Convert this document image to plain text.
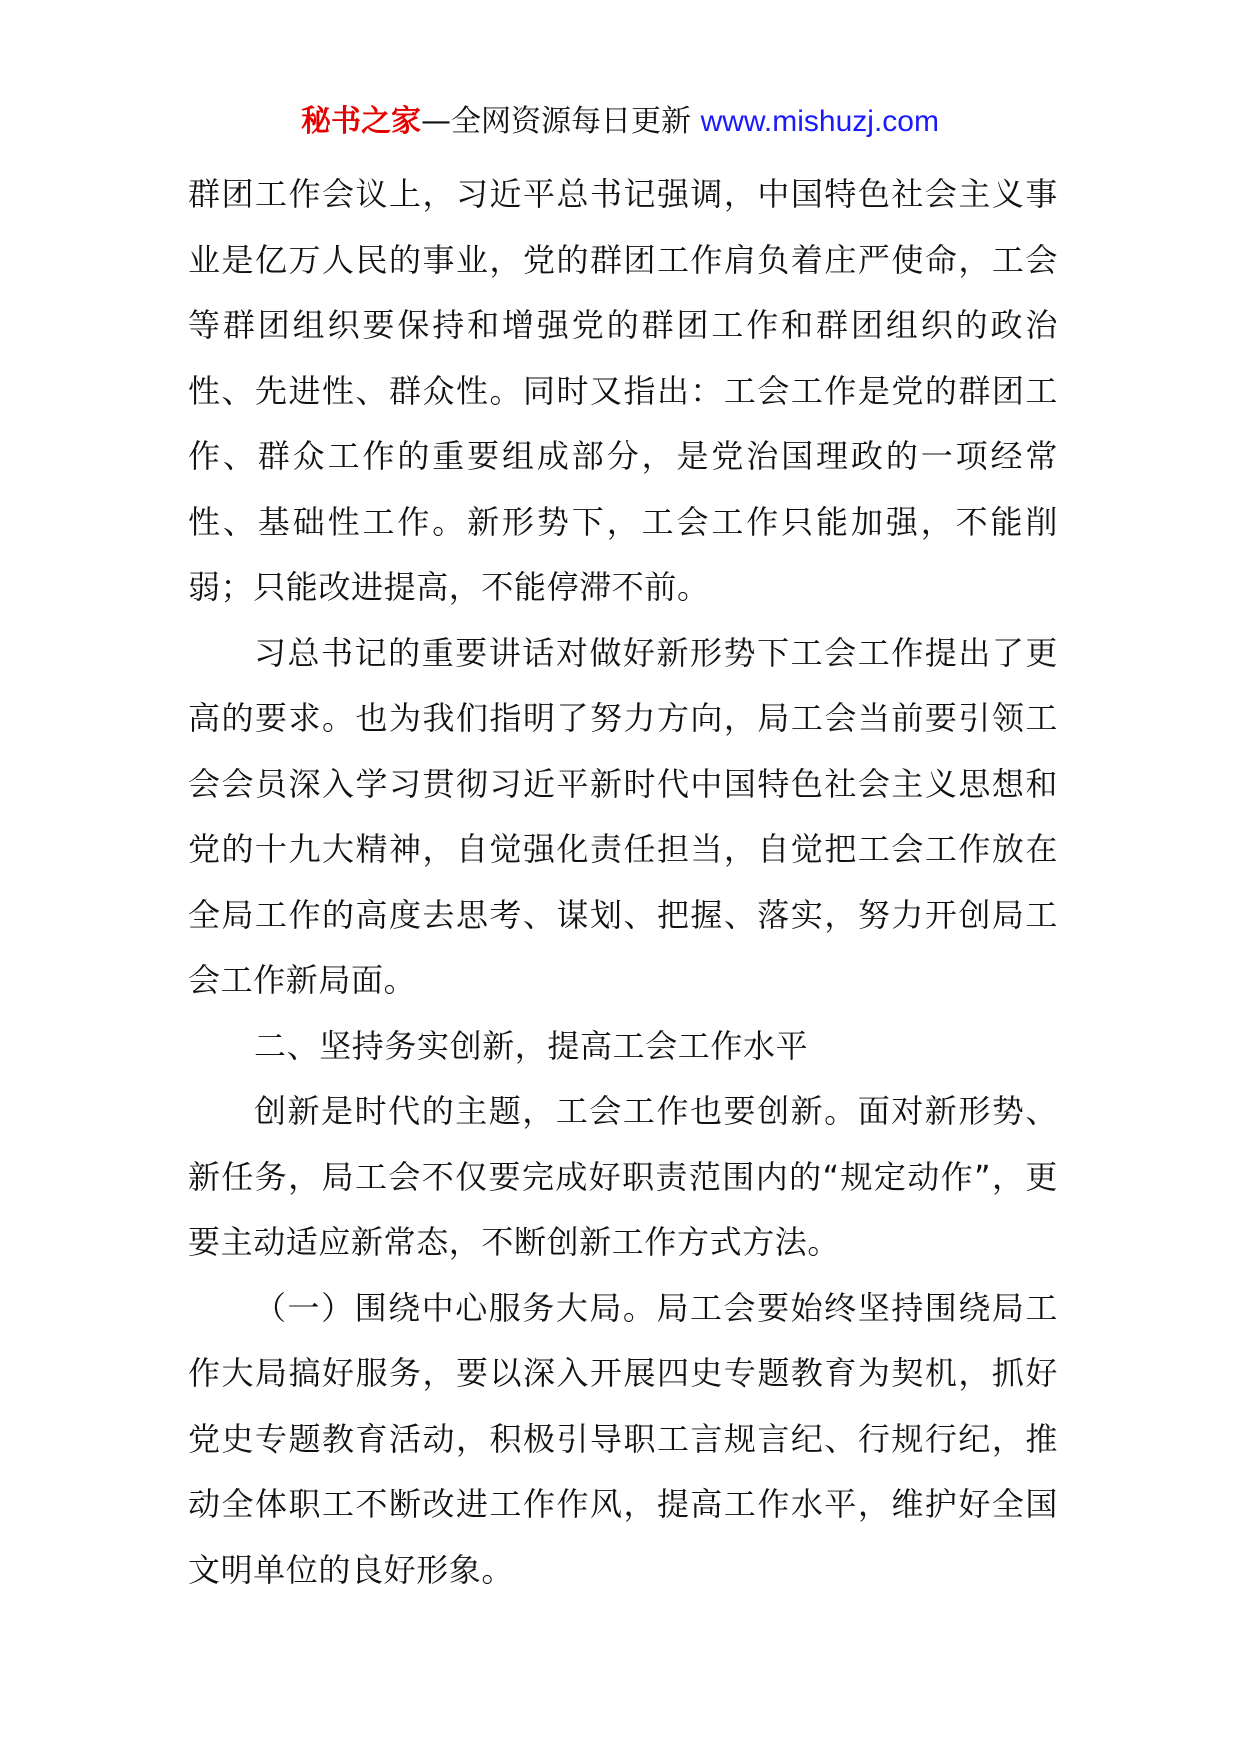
秘书之家—全网资源每日更新 www.mishuzj.com

群团工作会议上，习近平总书记强调，中国特色社会主义事业是亿万人民的事业，党的群团工作肩负着庄严使命，工会等群团组织要保持和增强党的群团工作和群团组织的政治性、先进性、群众性。同时又指出：工会工作是党的群团工作、群众工作的重要组成部分，是党治国理政的一项经常性、基础性工作。新形势下，工会工作只能加强，不能削弱；只能改进提高，不能停滞不前。

习总书记的重要讲话对做好新形势下工会工作提出了更高的要求。也为我们指明了努力方向，局工会当前要引领工会会员深入学习贯彻习近平新时代中国特色社会主义思想和党的十九大精神，自觉强化责任担当，自觉把工会工作放在全局工作的高度去思考、谋划、把握、落实，努力开创局工会工作新局面。

二、坚持务实创新，提高工会工作水平

创新是时代的主题，工会工作也要创新。面对新形势、新任务，局工会不仅要完成好职责范围内的“规定动作”，更要主动适应新常态，不断创新工作方式方法。

（一）围绕中心服务大局。局工会要始终坚持围绕局工作大局搞好服务，要以深入开展四史专题教育为契机，抓好党史专题教育活动，积极引导职工言规言纪、行规行纪，推动全体职工不断改进工作作风，提高工作水平，维护好全国文明单位的良好形象。
